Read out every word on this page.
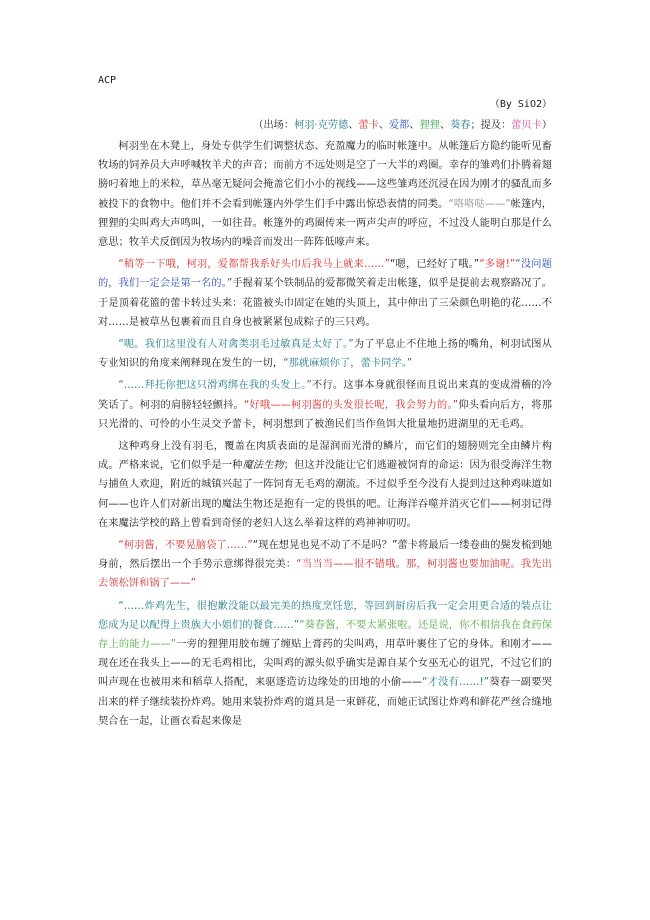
ACP
（By SiO2）
（出场：柯羽·克劳德、蕾卡、爱都、狸狸、葵春；提及：蕾贝卡）

柯羽坐在木凳上，身处专供学生们调整状态、充盈魔力的临时帐篷中。从帐篷后方隐约能听见畜牧场的饲养员大声呼喊牧羊犬的声音；而前方不远处则是空了一大半的鸡圈。幸存的雏鸡们扑腾着翅膀叼着地上的米粒，草丛毫无疑问会掩盖它们小小的视线——这些雏鸡还沉浸在因为刚才的骚乱而多被投下的食物中。他们并不会看到帐篷内外学生们手中露出惊恐表情的同类。“咯咯哒——”帐篷内，狸狸的尖叫鸡大声鸣叫，一如往昔。帐篷外的鸡圈传来一两声尖声的呼应，不过没人能明白那是什么意思；牧羊犬反倒因为牧场内的噪音而发出一阵阵低嚎声来。

“稍等一下哦，柯羽，爱都帮我系好头巾后我马上就来……”“嗯，已经好了哦。”“多谢!”“没问题的，我们一定会是第一名的。”手握着某个铁制品的爱都微笑着走出帐篷，似乎是提前去观察路况了。于是顶着花篮的蕾卡转过头来：花篮被头巾固定在她的头顶上，其中伸出了三朵颜色明艳的花……不对……是被草丛包裹着而且自身也被紧紧包成粽子的三只鸡。

“呃。我们这里没有人对禽类羽毛过敏真是太好了。”为了平息止不住地上扬的嘴角，柯羽试图从专业知识的角度来阐释现在发生的一切，“那就麻烦你了，蕾卡同学。”

“……拜托你把这只滑鸡绑在我的头发上。”不行。这事本身就很怪而且说出来真的变成滑稽的冷笑话了。柯羽的肩膀轻轻颤抖。“好哦——柯羽酱的头发很长呢，我会努力的。”仰头看向后方，将那只光滑的、可怜的小生灵交予蕾卡，柯羽想到了被渔民们当作鱼饵大批量地扔进湖里的无毛鸡。

这种鸡身上没有羽毛，覆盖在肉质表面的是湿润而光滑的鳞片，而它们的翅膀则完全由鳞片构成。严格来说，它们似乎是一种魔法生物；但这并没能让它们逃避被饲育的命运：因为很受海洋生物与捕鱼人欢迎，附近的城镇兴起了一阵饲育无毛鸡的潮流。不过似乎至今没有人提到过这种鸡味道如何——也许人们对新出现的魔法生物还是抱有一定的畏惧的吧。让海洋吞噬并消灭它们——柯羽记得在来魔法学校的路上曾看到奇怪的老妇人这么举着这样的鸡神神叨叨。

“柯羽酱，不要晃脑袋了……”“现在想晃也晃不动了不是吗？”蕾卡将最后一缕卷曲的鬓发梳到她身前，然后摆出一个手势示意绑得很完美：“当当当——很不错哦。那，柯羽酱也要加油呢。我先出去领松饼和锅了——”

“……炸鸡先生，很抱歉没能以最完美的热度烹饪您，等回到厨房后我一定会用更合适的装点让您成为足以配得上贵族大小姐们的餐食……”“葵春酱，不要太紧张啦。还是说，你不相信我在食药保存上的能力——”一旁的狸狸用胶布缠了缠贴上膏药的尖叫鸡，用草叶裹住了它的身体。和刚才——现在还在我头上——的无毛鸡相比，尖叫鸡的源头似乎确实是源自某个女巫无心的诅咒，不过它们的叫声现在也被用来和稻草人搭配，来驱逐造访边缘处的田地的小偷——“才没有……!”葵春一副要哭出来的样子继续装扮炸鸡。她用来装扮炸鸡的道具是一束鲜花，而她正试图让炸鸡和鲜花严丝合缝地契合在一起，让画衣看起来像是
